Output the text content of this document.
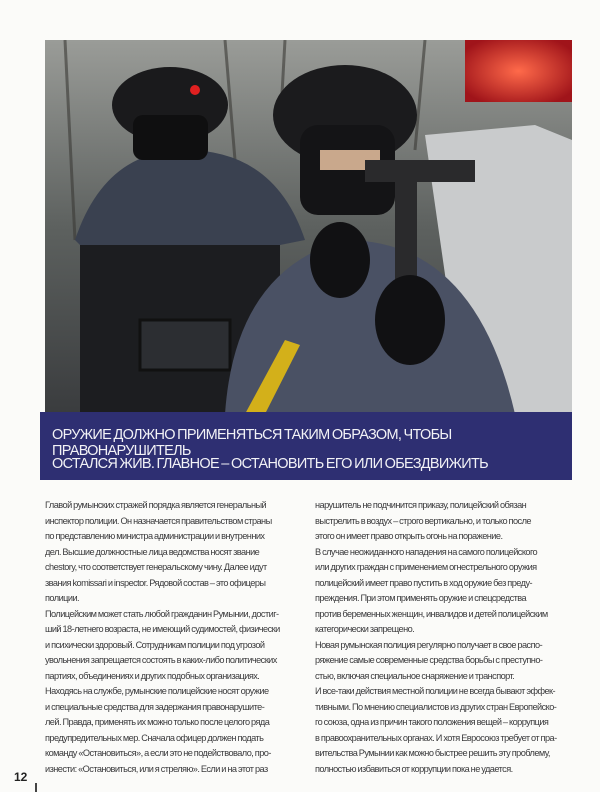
ОРУЖИЕ ДОЛЖНО ПРИМЕНЯТЬСЯ ТАКИМ ОБРАЗОМ, ЧТОБЫ ПРАВОНАРУШИТЕЛЬ
ОСТАЛСЯ ЖИВ. ГЛАВНОЕ – ОСТАНОВИТЬ ЕГО ИЛИ ОБЕЗДВИЖИТЬ

Главой румынских стражей порядка является генеральный

инспектор полиции. Он назначается правительством страны

по представлению министра администрации и внутренних

дел. Высшие должностные лица ведомства носят звание

chestory, что соответствует генеральскому чину. Далее идут

звания komissari и inspector. Рядовой состав – это офицеры

полиции.

Полицейским может стать любой гражданин Румынии, достиг-

ший 18-летнего возраста, не имеющий судимостей, физически

и психически здоровый. Сотрудникам полиции под угрозой

увольнения запрещается состоять в каких-либо политических

партиях, объединениях и других подобных организациях.

Находясь на службе, румынские полицейские носят оружие

и специальные средства для задержания правонарушите-

лей. Правда, применять их можно только после целого ряда

предупредительных мер. Сначала офицер должен подать

команду «Остановиться», а если это не подействовало, про-

изнести: «Остановиться, или я стреляю». Если и на этот раз

нарушитель не подчинится приказу, полицейский обязан

выстрелить в воздух – строго вертикально, и только после

этого он имеет право открыть огонь на поражение.

В случае неожиданного нападения на самого полицейского

или других граждан с применением огнестрельного оружия

полицейский имеет право пустить в ход оружие без преду-

преждения. При этом применять оружие и спецсредства

против беременных женщин, инвалидов и детей полицейским

категорически запрещено.

Новая румынская полиция регулярно получает в свое распо-

ряжение самые современные средства борьбы с преступно-

стью, включая специальное снаряжение и транспорт.

И все-таки действия местной полиции не всегда бывают эффек-

тивными. По мнению специалистов из других стран Европейско-

го союза, одна из причин такого положения вещей – коррупция

в правоохранительных органах. И хотя Евросоюз требует от пра-

вительства Румынии как можно быстрее решить эту проблему,

полностью избавиться от коррупции пока не удается.

12
